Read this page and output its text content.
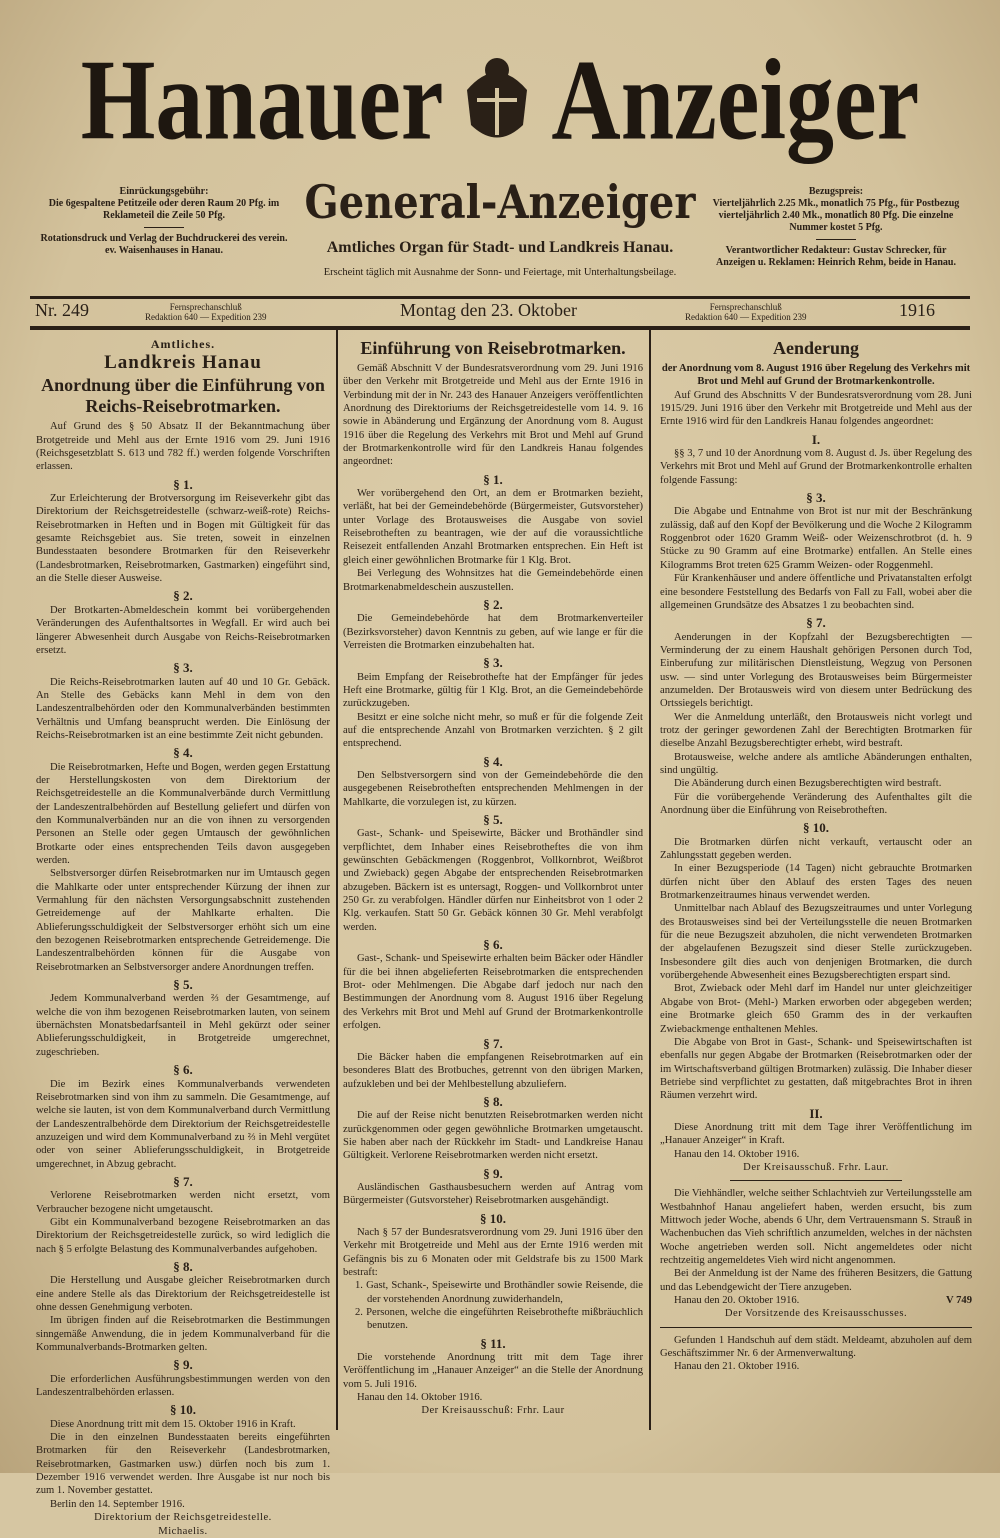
Hanauer Anzeiger
General-Anzeiger
Amtliches Organ für Stadt- und Landkreis Hanau.
Erscheint täglich mit Ausnahme der Sonn- und Feiertage, mit Unterhaltungsbeilage.
Einrückungsgebühr:
Die 6gespaltene Petitzeile oder deren Raum 20 Pfg. im Reklameteil die Zeile 50 Pfg.
Rotationsdruck und Verlag der Buchdruckerei des verein. ev. Waisenhauses in Hanau.
Bezugspreis:
Vierteljährlich 2.25 Mk., monatlich 75 Pfg., für Postbezug vierteljährlich 2.40 Mk., monatlich 80 Pfg. Die einzelne Nummer kostet 5 Pfg.
Verantwortlicher Redakteur: Gustav Schrecker, für Anzeigen u. Reklamen: Heinrich Rehm, beide in Hanau.
Nr. 249	Fernsprechanschluß
Redaktion 640 — Expedition 239	Montag den 23. Oktober	Fernsprechanschluß
Redaktion 640 — Expedition 239	1916
Amtliches.
Landkreis Hanau
Anordnung über die Einführung von Reichs-Reisebrotmarken.

Auf Grund des § 50 Absatz II der Bekanntmachung über Brotgetreide und Mehl aus der Ernte 1916 vom 29. Juni 1916 (Reichsgesetzblatt S. 613 und 782 ff.) werden folgende Vorschriften erlassen.

§ 1.

Zur Erleichterung der Brotversorgung im Reiseverkehr gibt das Direktorium der Reichsgetreidestelle (schwarz-weiß-rote) Reichs-Reisebrotmarken in Heften und in Bogen mit Gültigkeit für das gesamte Reichsgebiet aus. Sie treten, soweit in einzelnen Bundesstaaten besondere Brotmarken für den Reiseverkehr (Landesbrotmarken, Reisebrotmarken, Gastmarken) eingeführt sind, an die Stelle dieser Ausweise.

§ 2.

Der Brotkarten-Abmeldeschein kommt bei vorübergehenden Veränderungen des Aufenthaltsortes in Wegfall. Er wird auch bei längerer Abwesenheit durch Ausgabe von Reichs-Reisebrotmarken ersetzt.

§ 3.

Die Reichs-Reisebrotmarken lauten auf 40 und 10 Gr. Gebäck. An Stelle des Gebäcks kann Mehl in dem von den Landeszentralbehörden oder den Kommunalverbänden bestimmten Verhältnis und Umfang beansprucht werden. Die Einlösung der Reichs-Reisebrotmarken ist an eine bestimmte Zeit nicht gebunden.

§ 4.

Die Reisebrotmarken, Hefte und Bogen, werden gegen Erstattung der Herstellungskosten von dem Direktorium der Reichsgetreidestelle an die Kommunalverbände durch Vermittlung der Landeszentralbehörden auf Bestellung geliefert und dürfen von den Kommunalverbänden nur an die von ihnen zu versorgenden Personen an Stelle oder gegen Umtausch der gewöhnlichen Brotkarte oder eines entsprechenden Teils davon ausgegeben werden.

Selbstversorger dürfen Reisebrotmarken nur im Umtausch gegen die Mahlkarte oder unter entsprechender Kürzung der ihnen zur Vermahlung für den nächsten Versorgungsabschnitt zustehenden Getreidemenge auf der Mahlkarte erhalten. Die Ablieferungsschuldigkeit der Selbstversorger erhöht sich um eine den bezogenen Reisebrotmarken entsprechende Getreidemenge. Die Landeszentralbehörden können für die Ausgabe von Reisebrotmarken an Selbstversorger andere Anordnungen treffen.

§ 5.

Jedem Kommunalverband werden ⅔ der Gesamtmenge, auf welche die von ihm bezogenen Reisebrotmarken lauten, von seinem übernächsten Monatsbedarfsanteil in Mehl gekürzt oder seiner Ablieferungsschuldigkeit, in Brotgetreide umgerechnet, zugeschrieben.

§ 6.

Die im Bezirk eines Kommunalverbands verwendeten Reisebrotmarken sind von ihm zu sammeln. Die Gesamtmenge, auf welche sie lauten, ist von dem Kommunalverband durch Vermittlung der Landeszentralbehörde dem Direktorium der Reichsgetreidestelle anzuzeigen und wird dem Kommunalverband zu ⅔ in Mehl vergütet oder von seiner Ablieferungsschuldigkeit, in Brotgetreide umgerechnet, in Abzug gebracht.

§ 7.

Verlorene Reisebrotmarken werden nicht ersetzt, vom Verbraucher bezogene nicht umgetauscht.

Gibt ein Kommunalverband bezogene Reisebrotmarken an das Direktorium der Reichsgetreidestelle zurück, so wird lediglich die nach § 5 erfolgte Belastung des Kommunalverbandes aufgehoben.

§ 8.

Die Herstellung und Ausgabe gleicher Reisebrotmarken durch eine andere Stelle als das Direktorium der Reichsgetreidestelle ist ohne dessen Genehmigung verboten.

Im übrigen finden auf die Reisebrotmarken die Bestimmungen sinngemäße Anwendung, die in jedem Kommunalverband für die Kommunalverbands-Brotmarken gelten.

§ 9.

Die erforderlichen Ausführungsbestimmungen werden von den Landeszentralbehörden erlassen.

§ 10.

Diese Anordnung tritt mit dem 15. Oktober 1916 in Kraft.

Die in den einzelnen Bundesstaaten bereits eingeführten Brotmarken für den Reiseverkehr (Landesbrotmarken, Reisebrotmarken, Gastmarken usw.) dürfen noch bis zum 1. Dezember 1916 verwendet werden. Ihre Ausgabe ist nur noch bis zum 1. November gestattet.

Berlin den 14. September 1916.

Direktorium der Reichsgetreidestelle.

Michaelis.

Einführung von Reisebrotmarken.

Gemäß Abschnitt V der Bundesratsverordnung vom 29. Juni 1916 über den Verkehr mit Brotgetreide und Mehl aus der Ernte 1916 in Verbindung mit der in Nr. 243 des Hanauer Anzeigers veröffentlichten Anordnung des Direktoriums der Reichsgetreidestelle vom 14. 9. 16 sowie in Abänderung und Ergänzung der Anordnung vom 8. August 1916 über die Regelung des Verkehrs mit Brot und Mehl auf Grund der Brotmarkenkontrolle wird für den Landkreis Hanau folgendes angeordnet:

§ 1.

Wer vorübergehend den Ort, an dem er Brotmarken bezieht, verläßt, hat bei der Gemeindebehörde (Bürgermeister, Gutsvorsteher) unter Vorlage des Brotausweises die Ausgabe von soviel Reisebrotheften zu beantragen, wie der auf die voraussichtliche Reisezeit entfallenden Anzahl Brotmarken entsprechen. Ein Heft ist gleich einer gewöhnlichen Brotmarke für 1 Klg. Brot.

Bei Verlegung des Wohnsitzes hat die Gemeindebehörde einen Brotmarkenabmeldeschein auszustellen.

§ 2.

Die Gemeindebehörde hat dem Brotmarkenverteiler (Bezirksvorsteher) davon Kenntnis zu geben, auf wie lange er für die Verreisten die Brotmarken einzubehalten hat.

§ 3.

Beim Empfang der Reisebrothefte hat der Empfänger für jedes Heft eine Brotmarke, gültig für 1 Klg. Brot, an die Gemeindebehörde zurückzugeben.

Besitzt er eine solche nicht mehr, so muß er für die folgende Zeit auf die entsprechende Anzahl von Brotmarken verzichten. § 2 gilt entsprechend.

§ 4.

Den Selbstversorgern sind von der Gemeindebehörde die den ausgegebenen Reisebrotheften entsprechenden Mehlmengen in der Mahlkarte, die vorzulegen ist, zu kürzen.

§ 5.

Gast-, Schank- und Speisewirte, Bäcker und Brothändler sind verpflichtet, dem Inhaber eines Reisebrotheftes die von ihm gewünschten Gebäckmengen (Roggenbrot, Vollkornbrot, Weißbrot und Zwieback) gegen Abgabe der entsprechenden Reisebrotmarken abzugeben. Bäckern ist es untersagt, Roggen- und Vollkornbrot unter 250 Gr. zu verabfolgen. Händler dürfen nur Einheitsbrot von 1 oder 2 Klg. verkaufen. Statt 50 Gr. Gebäck können 30 Gr. Mehl verabfolgt werden.

§ 6.

Gast-, Schank- und Speisewirte erhalten beim Bäcker oder Händler für die bei ihnen abgelieferten Reisebrotmarken die entsprechenden Brot- oder Mehlmengen. Die Abgabe darf jedoch nur nach den Bestimmungen der Anordnung vom 8. August 1916 über Regelung des Verkehrs mit Brot und Mehl auf Grund der Brotmarkenkontrolle erfolgen.

§ 7.

Die Bäcker haben die empfangenen Reisebrotmarken auf ein besonderes Blatt des Brotbuches, getrennt von den übrigen Marken, aufzukleben und bei der Mehlbestellung abzuliefern.

§ 8.

Die auf der Reise nicht benutzten Reisebrotmarken werden nicht zurückgenommen oder gegen gewöhnliche Brotmarken umgetauscht. Sie haben aber nach der Rückkehr im Stadt- und Landkreise Hanau Gültigkeit. Verlorene Reisebrotmarken werden nicht ersetzt.

§ 9.

Ausländischen Gasthausbesuchern werden auf Antrag vom Bürgermeister (Gutsvorsteher) Reisebrotmarken ausgehändigt.

§ 10.

Nach § 57 der Bundesratsverordnung vom 29. Juni 1916 über den Verkehr mit Brotgetreide und Mehl aus der Ernte 1916 werden mit Gefängnis bis zu 6 Monaten oder mit Geldstrafe bis zu 1500 Mark bestraft:

1. Gast, Schank-, Speisewirte und Brothändler sowie Reisende, die der vorstehenden Anordnung zuwiderhandeln,

2. Personen, welche die eingeführten Reisebrothefte mißbräuchlich benutzen.

§ 11.

Die vorstehende Anordnung tritt mit dem Tage ihrer Veröffentlichung im „Hanauer Anzeiger“ an die Stelle der Anordnung vom 5. Juli 1916.

Hanau den 14. Oktober 1916.

Der Kreisausschuß: Frhr. Laur

Aenderung

der Anordnung vom 8. August 1916 über Regelung des Verkehrs mit Brot und Mehl auf Grund der Brotmarkenkontrolle.

Auf Grund des Abschnitts V der Bundesratsverordnung vom 28. Juni 1915/29. Juni 1916 über den Verkehr mit Brotgetreide und Mehl aus der Ernte 1916 wird für den Landkreis Hanau folgendes angeordnet:

I.

§§ 3, 7 und 10 der Anordnung vom 8. August d. Js. über Regelung des Verkehrs mit Brot und Mehl auf Grund der Brotmarkenkontrolle erhalten folgende Fassung:

§ 3.

Die Abgabe und Entnahme von Brot ist nur mit der Beschränkung zulässig, daß auf den Kopf der Bevölkerung und die Woche 2 Kilogramm Roggenbrot oder 1620 Gramm Weiß- oder Weizenschrotbrot (d. h. 9 Stücke zu 90 Gramm auf eine Brotmarke) entfallen. An Stelle eines Kilogramms Brot treten 625 Gramm Weizen- oder Roggenmehl.

Für Krankenhäuser und andere öffentliche und Privatanstalten erfolgt eine besondere Feststellung des Bedarfs von Fall zu Fall, wobei aber die allgemeinen Grundsätze des Absatzes 1 zu beobachten sind.

§ 7.

Aenderungen in der Kopfzahl der Bezugsberechtigten — Verminderung der zu einem Haushalt gehörigen Personen durch Tod, Einberufung zur militärischen Dienstleistung, Wegzug von Personen usw. — sind unter Vorlegung des Brotausweises beim Bürgermeister anzumelden. Der Brotausweis wird von diesem unter Bedrückung des Ortssiegels berichtigt.

Wer die Anmeldung unterläßt, den Brotausweis nicht vorlegt und trotz der geringer gewordenen Zahl der Berechtigten Brotmarken für dieselbe Anzahl Bezugsberechtigter erhebt, wird bestraft.

Brotausweise, welche andere als amtliche Abänderungen enthalten, sind ungültig.

Die Abänderung durch einen Bezugsberechtigten wird bestraft.

Für die vorübergehende Veränderung des Aufenthaltes gilt die Anordnung über die Einführung von Reisebrotheften.

§ 10.

Die Brotmarken dürfen nicht verkauft, vertauscht oder an Zahlungsstatt gegeben werden.

In einer Bezugsperiode (14 Tagen) nicht gebrauchte Brotmarken dürfen nicht über den Ablauf des ersten Tages des neuen Brotmarkenzeitraumes hinaus verwendet werden.

Unmittelbar nach Ablauf des Bezugszeitraumes und unter Vorlegung des Brotausweises sind bei der Verteilungsstelle die neuen Brotmarken für die neue Bezugszeit abzuholen, die nicht verwendeten Brotmarken der abgelaufenen Bezugszeit sind dieser Stelle zurückzugeben. Insbesondere gilt dies auch von denjenigen Brotmarken, die durch vorübergehende Abwesenheit eines Bezugsberechtigten erspart sind.

Brot, Zwieback oder Mehl darf im Handel nur unter gleichzeitiger Abgabe von Brot- (Mehl-) Marken erworben oder abgegeben werden; eine Brotmarke gleich 650 Gramm des in der verkauften Zwiebackmenge enthaltenen Mehles.

Die Abgabe von Brot in Gast-, Schank- und Speisewirtschaften ist ebenfalls nur gegen Abgabe der Brotmarken (Reisebrotmarken oder der im Wirtschaftsverband gültigen Brotmarken) zulässig. Die Inhaber dieser Betriebe sind verpflichtet zu gestatten, daß mitgebrachtes Brot in ihren Räumen verzehrt wird.

II.

Diese Anordnung tritt mit dem Tage ihrer Veröffentlichung im „Hanauer Anzeiger“ in Kraft.

Hanau den 14. Oktober 1916.

Der Kreisausschuß. Frhr. Laur.

Die Viehhändler, welche seither Schlachtvieh zur Verteilungsstelle am Westbahnhof Hanau angeliefert haben, werden ersucht, bis zum Mittwoch jeder Woche, abends 6 Uhr, dem Vertrauensmann S. Strauß in Wachenbuchen das Vieh schriftlich anzumelden, welches in der nächsten Woche angetrieben werden soll. Nicht angemeldetes oder nicht rechtzeitig angemeldetes Vieh wird nicht angenommen.

Bei der Anmeldung ist der Name des früheren Besitzers, die Gattung und das Lebendgewicht der Tiere anzugeben.

Hanau den 20. Oktober 1916.	V 749

Der Vorsitzende des Kreisausschusses.

Gefunden 1 Handschuh auf dem städt. Meldeamt, abzuholen auf dem Geschäftszimmer Nr. 6 der Armenverwaltung.

Hanau den 21. Oktober 1916.
